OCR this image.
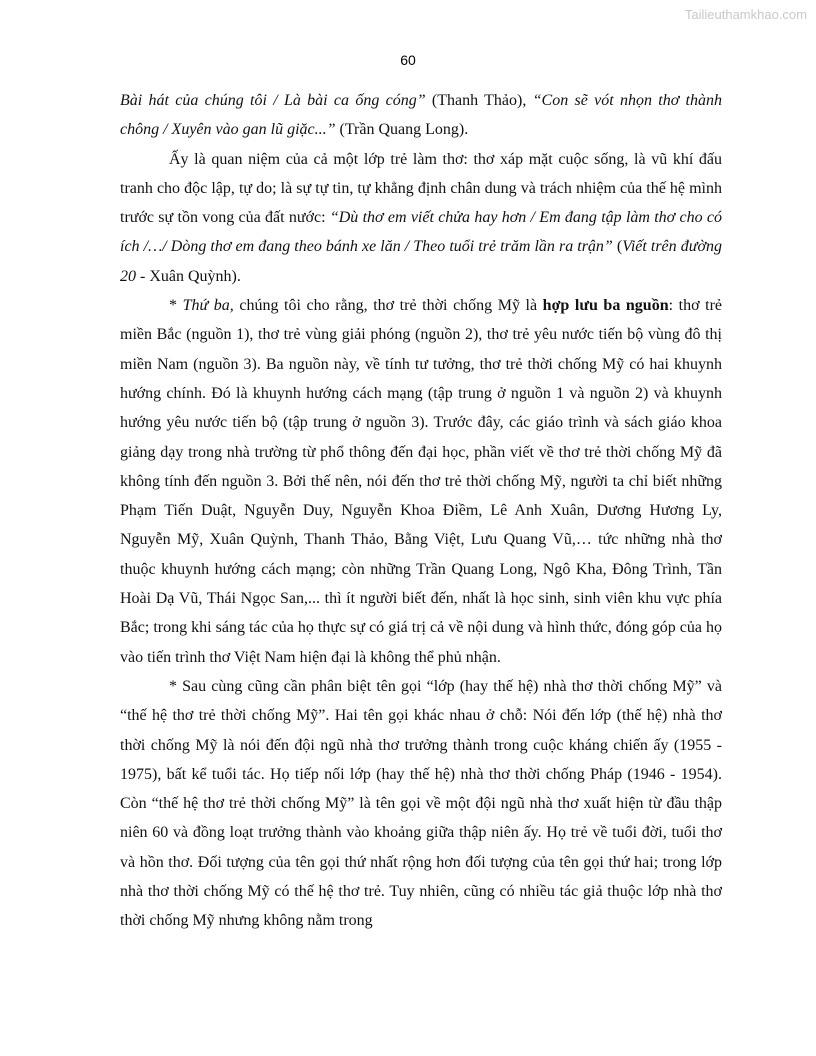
Tailieuthamkhao.com
60

Bài hát của chúng tôi / Là bài ca ống cóng” (Thanh Thảo), “Con sẽ vót nhọn thơ thành chông / Xuyên vào gan lũ giặc...” (Trần Quang Long).

Ấy là quan niệm của cả một lớp trẻ làm thơ: thơ xáp mặt cuộc sống, là vũ khí đấu tranh cho độc lập, tự do; là sự tự tin, tự khẳng định chân dung và trách nhiệm của thế hệ mình trước sự tồn vong của đất nước: “Dù thơ em viết chửa hay hơn / Em đang tập làm thơ cho có ích /…/ Dòng thơ em đang theo bánh xe lăn / Theo tuổi trẻ trăm lần ra trận” (Viết trên đường 20 - Xuân Quỳnh).

* Thứ ba, chúng tôi cho rằng, thơ trẻ thời chống Mỹ là hợp lưu ba nguồn: thơ trẻ miền Bắc (nguồn 1), thơ trẻ vùng giải phóng (nguồn 2), thơ trẻ yêu nước tiến bộ vùng đô thị miền Nam (nguồn 3). Ba nguồn này, về tính tư tưởng, thơ trẻ thời chống Mỹ có hai khuynh hướng chính. Đó là khuynh hướng cách mạng (tập trung ở nguồn 1 và nguồn 2) và khuynh hướng yêu nước tiến bộ (tập trung ở nguồn 3). Trước đây, các giáo trình và sách giáo khoa giảng dạy trong nhà trường từ phổ thông đến đại học, phần viết về thơ trẻ thời chống Mỹ đã không tính đến nguồn 3. Bởi thế nên, nói đến thơ trẻ thời chống Mỹ, người ta chỉ biết những Phạm Tiến Duật, Nguyễn Duy, Nguyễn Khoa Điềm, Lê Anh Xuân, Dương Hương Ly, Nguyễn Mỹ, Xuân Quỳnh, Thanh Thảo, Bằng Việt, Lưu Quang Vũ,… tức những nhà thơ thuộc khuynh hướng cách mạng; còn những Trần Quang Long, Ngô Kha, Đông Trình, Tần Hoài Dạ Vũ, Thái Ngọc San,... thì ít người biết đến, nhất là học sinh, sinh viên khu vực phía Bắc; trong khi sáng tác của họ thực sự có giá trị cả về nội dung và hình thức, đóng góp của họ vào tiến trình thơ Việt Nam hiện đại là không thể phủ nhận.

* Sau cùng cũng cần phân biệt tên gọi “lớp (hay thế hệ) nhà thơ thời chống Mỹ” và “thế hệ thơ trẻ thời chống Mỹ”. Hai tên gọi khác nhau ở chỗ: Nói đến lớp (thế hệ) nhà thơ thời chống Mỹ là nói đến đội ngũ nhà thơ trưởng thành trong cuộc kháng chiến ấy (1955 - 1975), bất kể tuổi tác. Họ tiếp nối lớp (hay thế hệ) nhà thơ thời chống Pháp (1946 - 1954). Còn “thế hệ thơ trẻ thời chống Mỹ” là tên gọi về một đội ngũ nhà thơ xuất hiện từ đầu thập niên 60 và đồng loạt trưởng thành vào khoảng giữa thập niên ấy. Họ trẻ về tuổi đời, tuổi thơ và hồn thơ. Đối tượng của tên gọi thứ nhất rộng hơn đối tượng của tên gọi thứ hai; trong lớp nhà thơ thời chống Mỹ có thế hệ thơ trẻ. Tuy nhiên, cũng có nhiều tác giả thuộc lớp nhà thơ thời chống Mỹ nhưng không nằm trong
